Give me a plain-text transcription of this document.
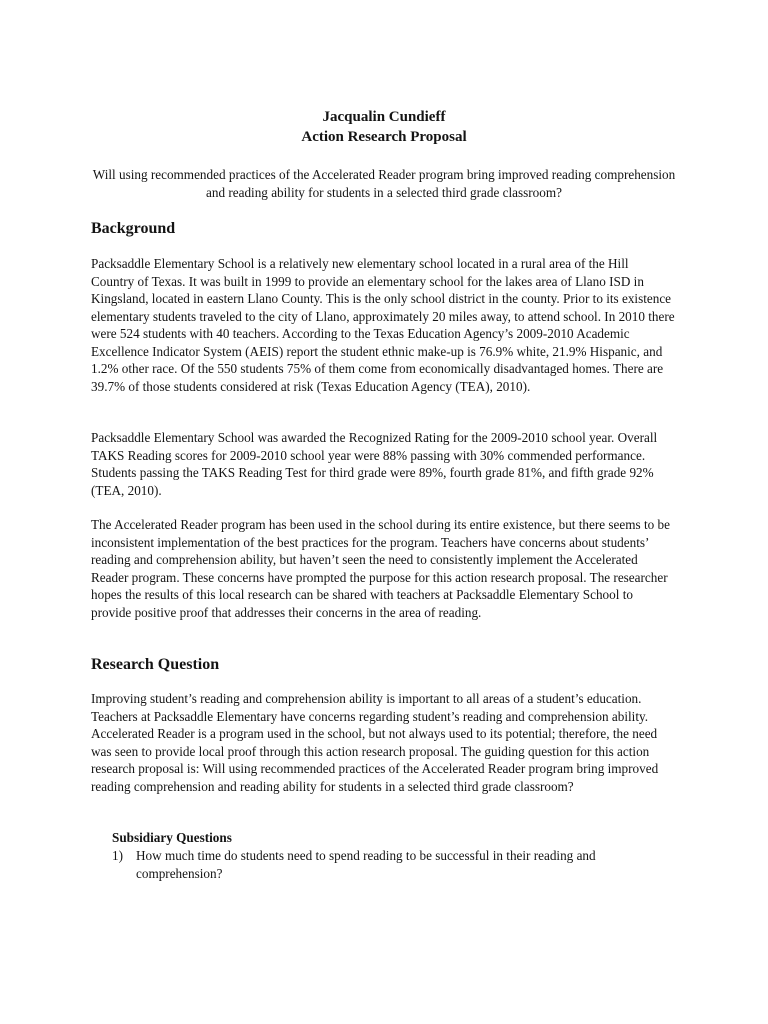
Jacqualin Cundieff
Action Research Proposal
Will using recommended practices of the Accelerated Reader program bring improved reading comprehension and reading ability for students in a selected third grade classroom?
Background

Packsaddle Elementary School is a relatively new elementary school located in a rural area of the Hill Country of Texas. It was built in 1999 to provide an elementary school for the lakes area of Llano ISD in Kingsland, located in eastern Llano County. This is the only school district in the county. Prior to its existence elementary students traveled to the city of Llano, approximately 20 miles away, to attend school. In 2010 there were 524 students with 40 teachers. According to the Texas Education Agency’s 2009-2010 Academic Excellence Indicator System (AEIS) report the student ethnic make-up is 76.9% white, 21.9% Hispanic, and 1.2% other race. Of the 550 students 75% of them come from economically disadvantaged homes. There are 39.7% of those students considered at risk (Texas Education Agency (TEA), 2010).

Packsaddle Elementary School was awarded the Recognized Rating for the 2009-2010 school year. Overall TAKS Reading scores for 2009-2010 school year were 88% passing with 30% commended performance. Students passing the TAKS Reading Test for third grade were 89%, fourth grade 81%, and fifth grade 92% (TEA, 2010).

The Accelerated Reader program has been used in the school during its entire existence, but there seems to be inconsistent implementation of the best practices for the program. Teachers have concerns about students’ reading and comprehension ability, but haven’t seen the need to consistently implement the Accelerated Reader program. These concerns have prompted the purpose for this action research proposal. The researcher hopes the results of this local research can be shared with teachers at Packsaddle Elementary School to provide positive proof that addresses their concerns in the area of reading.

Research Question

Improving student’s reading and comprehension ability is important to all areas of a student’s education. Teachers at Packsaddle Elementary have concerns regarding student’s reading and comprehension ability. Accelerated Reader is a program used in the school, but not always used to its potential; therefore, the need was seen to provide local proof through this action research proposal. The guiding question for this action research proposal is: Will using recommended practices of the Accelerated Reader program bring improved reading comprehension and reading ability for students in a selected third grade classroom?

Subsidiary Questions
1) How much time do students need to spend reading to be successful in their reading and comprehension?
